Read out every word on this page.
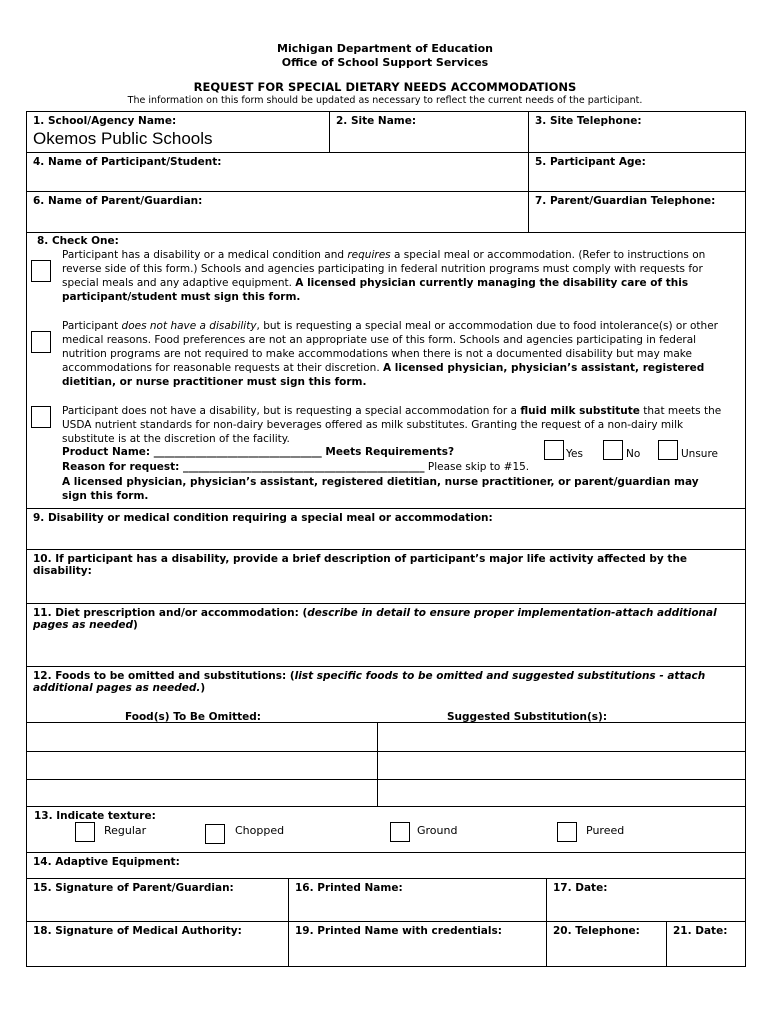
Michigan Department of Education
Office of School Support Services
REQUEST FOR SPECIAL DIETARY NEEDS ACCOMMODATIONS
The information on this form should be updated as necessary to reflect the current needs of the participant.
1. School/Agency Name:
Okemos Public Schools
2. Site Name:	3. Site Telephone:
4. Name of Participant/Student:	5. Participant Age:
6. Name of Parent/Guardian:	7. Parent/Guardian Telephone:
8. Check One:
Participant has a disability or a medical condition and requires a special meal or accommodation. (Refer to instructions on reverse side of this form.) Schools and agencies participating in federal nutrition programs must comply with requests for special meals and any adaptive equipment. A licensed physician currently managing the disability care of this participant/student must sign this form.
Participant does not have a disability, but is requesting a special meal or accommodation due to food intolerance(s) or other medical reasons. Food preferences are not an appropriate use of this form. Schools and agencies participating in federal nutrition programs are not required to make accommodations when there is not a documented disability but may make accommodations for reasonable requests at their discretion. A licensed physician, physician’s assistant, registered dietitian, or nurse practitioner must sign this form.
Participant does not have a disability, but is requesting a special accommodation for a fluid milk substitute that meets the USDA nutrient standards for non-dairy beverages offered as milk substitutes. Granting the request of a non-dairy milk substitute is at the discretion of the facility.
Product Name: ________________________________ Meets Requirements?	Yes	No	Unsure
Reason for request: ______________________________________________ Please skip to #15.
A licensed physician, physician’s assistant, registered dietitian, nurse practitioner, or parent/guardian may sign this form.
9. Disability or medical condition requiring a special meal or accommodation:
10. If participant has a disability, provide a brief description of participant’s major life activity affected by the disability:
11. Diet prescription and/or accommodation: (describe in detail to ensure proper implementation-attach additional pages as needed)
12. Foods to be omitted and substitutions: (list specific foods to be omitted and suggested substitutions - attach additional pages as needed.)
Food(s) To Be Omitted:	Suggested Substitution(s):
13. Indicate texture:
Regular	Chopped	Ground	Pureed
14. Adaptive Equipment:
15. Signature of Parent/Guardian:	16. Printed Name:	17. Date:
18. Signature of Medical Authority:	19. Printed Name with credentials:	20. Telephone:	21. Date:
